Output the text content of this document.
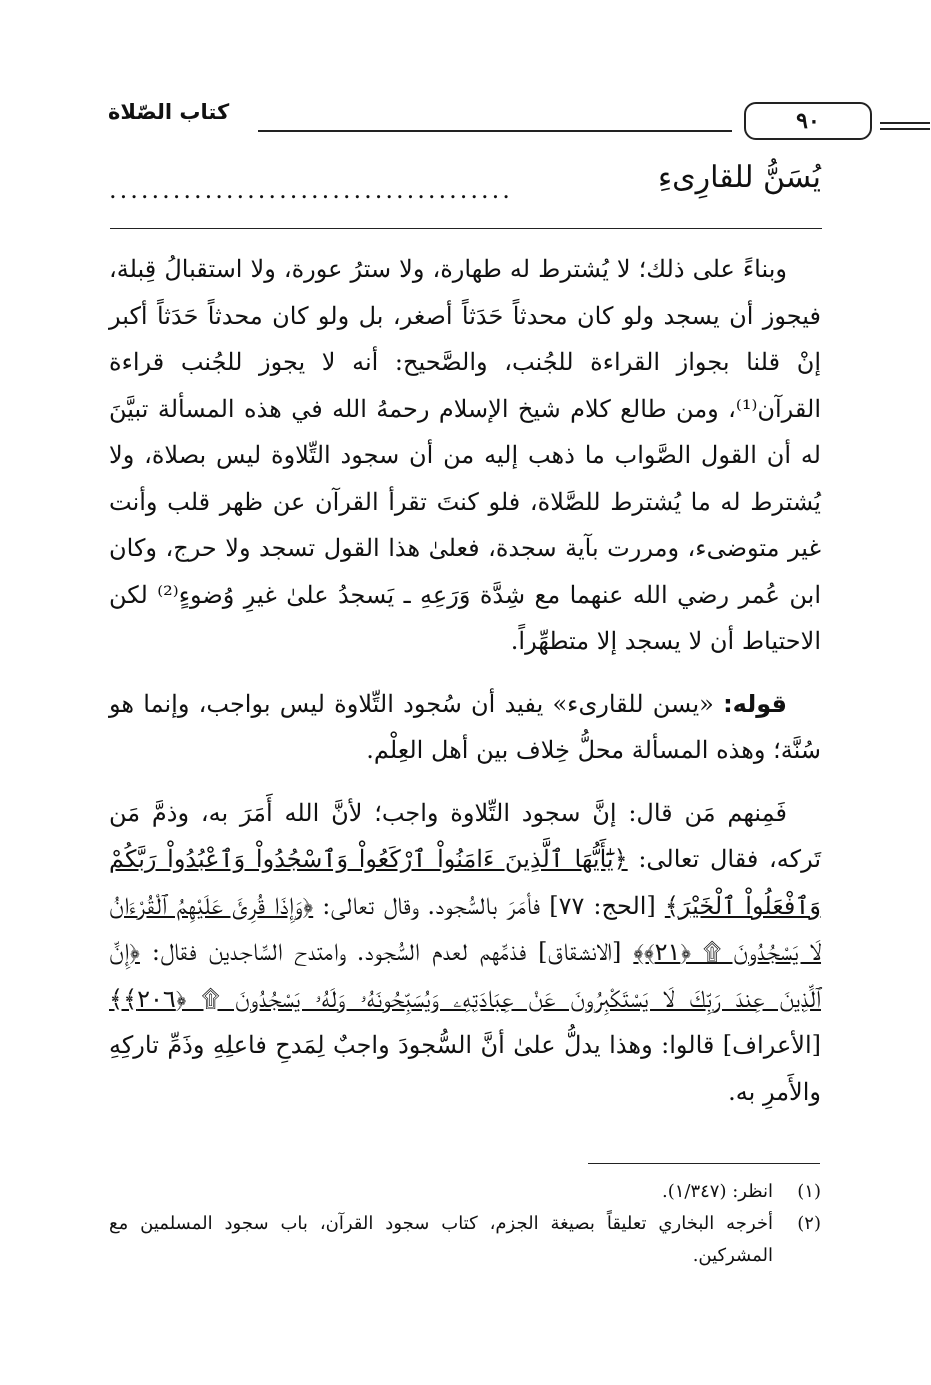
كتاب الصّلاة	٩٠
يُسَنُّ للقارِىءِ
......................................

وبناءً على ذلك؛ لا يُشترط له طهارة، ولا سترُ عورة، ولا استقبالُ قِبلة، فيجوز أن يسجد ولو كان محدثاً حَدَثاً أصغر، بل ولو كان محدثاً حَدَثاً أكبر إنْ قلنا بجواز القراءة للجُنب، والصَّحيح: أنه لا يجوز للجُنب قراءة القرآن⁽¹⁾، ومن طالع كلام شيخ الإسلام رحمهُ الله في هذه المسألة تبيَّنَ له أن القول الصَّواب ما ذهب إليه من أن سجود التِّلاوة ليس بصلاة، ولا يُشترط له ما يُشترط للصَّلاة، فلو كنتَ تقرأ القرآن عن ظهر قلب وأنت غير متوضىء، ومررت بآية سجدة، فعلىٰ هذا القول تسجد ولا حرج، وكان ابن عُمر رضي الله عنهما مع شِدَّة وَرَعِهِ ـ يَسجدُ علىٰ غيرِ وُضوءٍ⁽²⁾ لكن الاحتياط أن لا يسجد إلا متطهِّراً.

قوله: «يسن للقارىء» يفيد أن سُجود التِّلاوة ليس بواجب، وإنما هو سُنَّة؛ وهذه المسألة محلُّ خِلاف بين أهل العِلْم.

فَمِنهم مَن قال: إنَّ سجود التِّلاوة واجب؛ لأنَّ الله أَمَرَ به، وذمَّ مَن تَركه، فقال تعالى: ﴿يَٰٓأَيُّهَا ٱلَّذِينَ ءَامَنُواْ ٱرْكَعُواْ وَٱسْجُدُواْ وَٱعْبُدُواْ رَبَّكُمْ وَٱفْعَلُواْ ٱلْخَيْرَ﴾ [الحج: ٧٧] فأمَرَ بالسُّجود. وقال تعالى: ﴿وَإِذَا قُرِئَ عَلَيْهِمُ ٱلْقُرْءَانُ لَا يَسْجُدُونَ ۩ ﴿٢١﴾﴾ [الانشقاق] فذمَّهم لعدم السُّجود. وامتدح السَّاجدين فقال: ﴿إِنَّ ٱلَّذِينَ عِندَ رَبِّكَ لَا يَسْتَكْبِرُونَ عَنْ عِبَادَتِهِۦ وَيُسَبِّحُونَهُۥ وَلَهُۥ يَسْجُدُونَ ۩ ﴿٢٠٦﴾﴾ [الأعراف] قالوا: وهذا يدلُّ علىٰ أنَّ السُّجودَ واجبٌ لِمَدحِ فاعلِهِ وذَمِّ تاركِهِ والأَمرِ به.

(١)
انظر: (١/٣٤٧).
(٢)
أخرجه البخاري تعليقاً بصيغة الجزم، كتاب سجود القرآن، باب سجود المسلمين مع المشركين.
